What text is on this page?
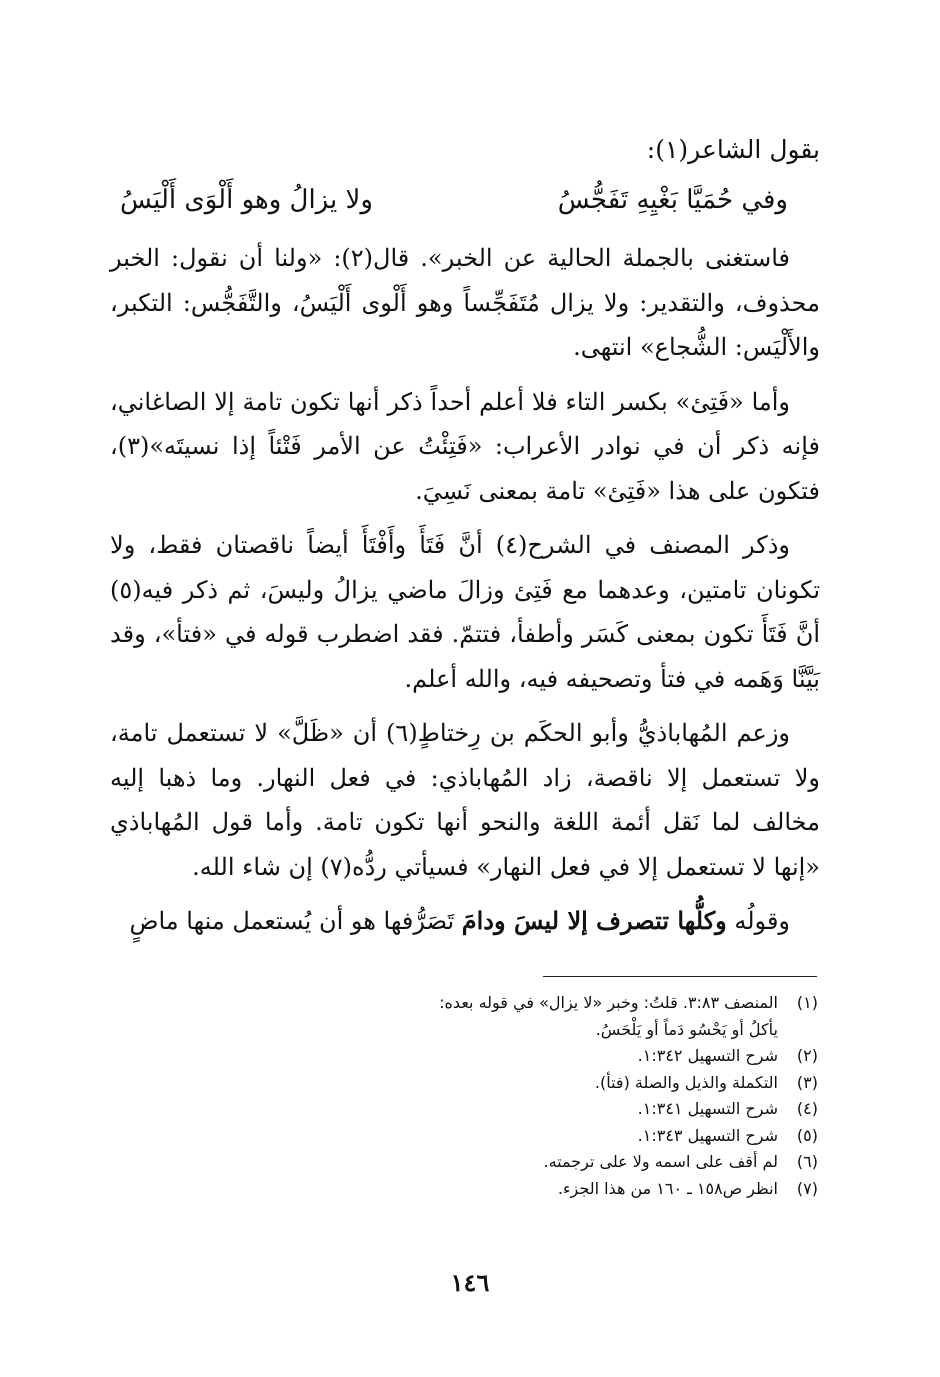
بقول الشاعر(١):

وفي حُمَيَّا بَغْيِهِ تَفَجُّسُ
ولا يزالُ وهو أَلْوَى أَلْيَسُ

فاستغنى بالجملة الحالية عن الخبر». قال(٢): «ولنا أن نقول: الخبر محذوف، والتقدير: ولا يزال مُتَفَجِّساً وهو أَلْوى أَلْيَسُ، والتَّفَجُّس: التكبر، والأَلْيَس: الشُّجاع» انتهى.

وأما «فَتِئ» بكسر التاء فلا أعلم أحداً ذكر أنها تكون تامة إلا الصاغاني، فإنه ذكر أن في نوادر الأعراب: «فَتِئْتُ عن الأمر فَتْئاً إذا نسيتَه»(٣)، فتكون على هذا «فَتِئ» تامة بمعنى نَسِيَ.

وذكر المصنف في الشرح(٤) أنَّ فَتَأَ وأَفْتَأَ أيضاً ناقصتان فقط، ولا تكونان تامتين، وعدهما مع فَتِئ وزالَ ماضي يزالُ وليسَ، ثم ذكر فيه(٥) أنَّ فَتَأَ تكون بمعنى كَسَر وأطفأ، فتتمّ. فقد اضطرب قوله في «فتأ»، وقد بَيَّنَّا وَهَمه في فتأ وتصحيفه فيه، والله أعلم.

وزعم المُهاباذيُّ وأبو الحكَم بن رِختاطٍ(٦) أن «ظَلَّ» لا تستعمل تامة، ولا تستعمل إلا ناقصة، زاد المُهاباذي: في فعل النهار. وما ذهبا إليه مخالف لما نَقل أئمة اللغة والنحو أنها تكون تامة. وأما قول المُهاباذي «إنها لا تستعمل إلا في فعل النهار» فسيأتي ردُّه(٧) إن شاء الله.

وقولُه وكلُّها تتصرف إلا ليسَ ودامَ تَصَرُّفها هو أن يُستعمل منها ماضٍ

(١)
المنصف ٣:٨٣. قلتُ: وخبر «لا يزال» في قوله بعده:
يأكلُ أو يَحْسُو دَماً أو يَلْحَسُ.
(٢)
شرح التسهيل ١:٣٤٢.
(٣)
التكملة والذيل والصلة (فتأ).
(٤)
شرح التسهيل ١:٣٤١.
(٥)
شرح التسهيل ١:٣٤٣.
(٦)
لم أقف على اسمه ولا على ترجمته.
(٧)
انظر ص١٥٨ ـ ١٦٠ من هذا الجزء.
١٤٦
